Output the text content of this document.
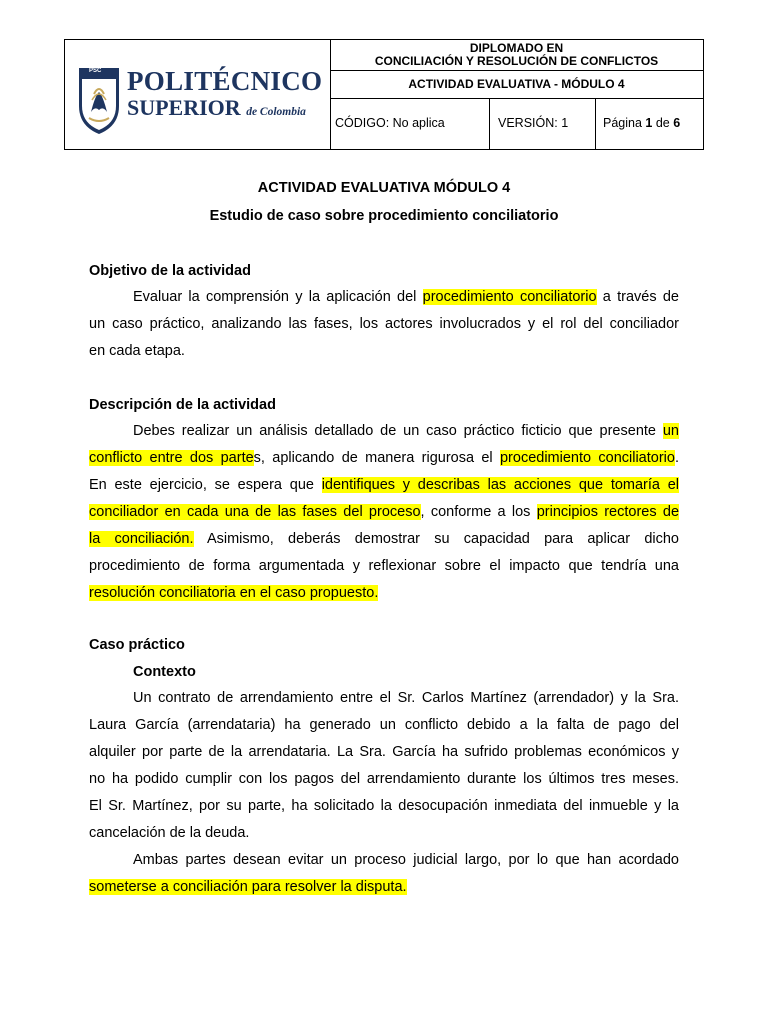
PSC POLITÉCNICO
SUPERIOR de Colombia
DIPLOMADO EN
CONCILIACIÓN Y RESOLUCIÓN DE CONFLICTOS
ACTIVIDAD EVALUATIVA - MÓDULO 4
CÓDIGO: No aplica	VERSIÓN: 1	Página 1 de 6
ACTIVIDAD EVALUATIVA MÓDULO 4
Estudio de caso sobre procedimiento conciliatorio
Objetivo de la actividad
Evaluar la comprensión y la aplicación del procedimiento conciliatorio a través de
un caso práctico, analizando las fases, los actores involucrados y el rol del conciliador
en cada etapa.
Descripción de la actividad
Debes realizar un análisis detallado de un caso práctico ficticio que presente un
conflicto entre dos partes, aplicando de manera rigurosa el procedimiento conciliatorio.
En este ejercicio, se espera que identifiques y describas las acciones que tomaría el
conciliador en cada una de las fases del proceso, conforme a los principios rectores de
la conciliación. Asimismo, deberás demostrar su capacidad para aplicar dicho
procedimiento de forma argumentada y reflexionar sobre el impacto que tendría una
resolución conciliatoria en el caso propuesto.
Caso práctico
Contexto
Un contrato de arrendamiento entre el Sr. Carlos Martínez (arrendador) y la Sra.
Laura García (arrendataria) ha generado un conflicto debido a la falta de pago del
alquiler por parte de la arrendataria. La Sra. García ha sufrido problemas económicos y
no ha podido cumplir con los pagos del arrendamiento durante los últimos tres meses.
El Sr. Martínez, por su parte, ha solicitado la desocupación inmediata del inmueble y la
cancelación de la deuda.
Ambas partes desean evitar un proceso judicial largo, por lo que han acordado
someterse a conciliación para resolver la disputa.
